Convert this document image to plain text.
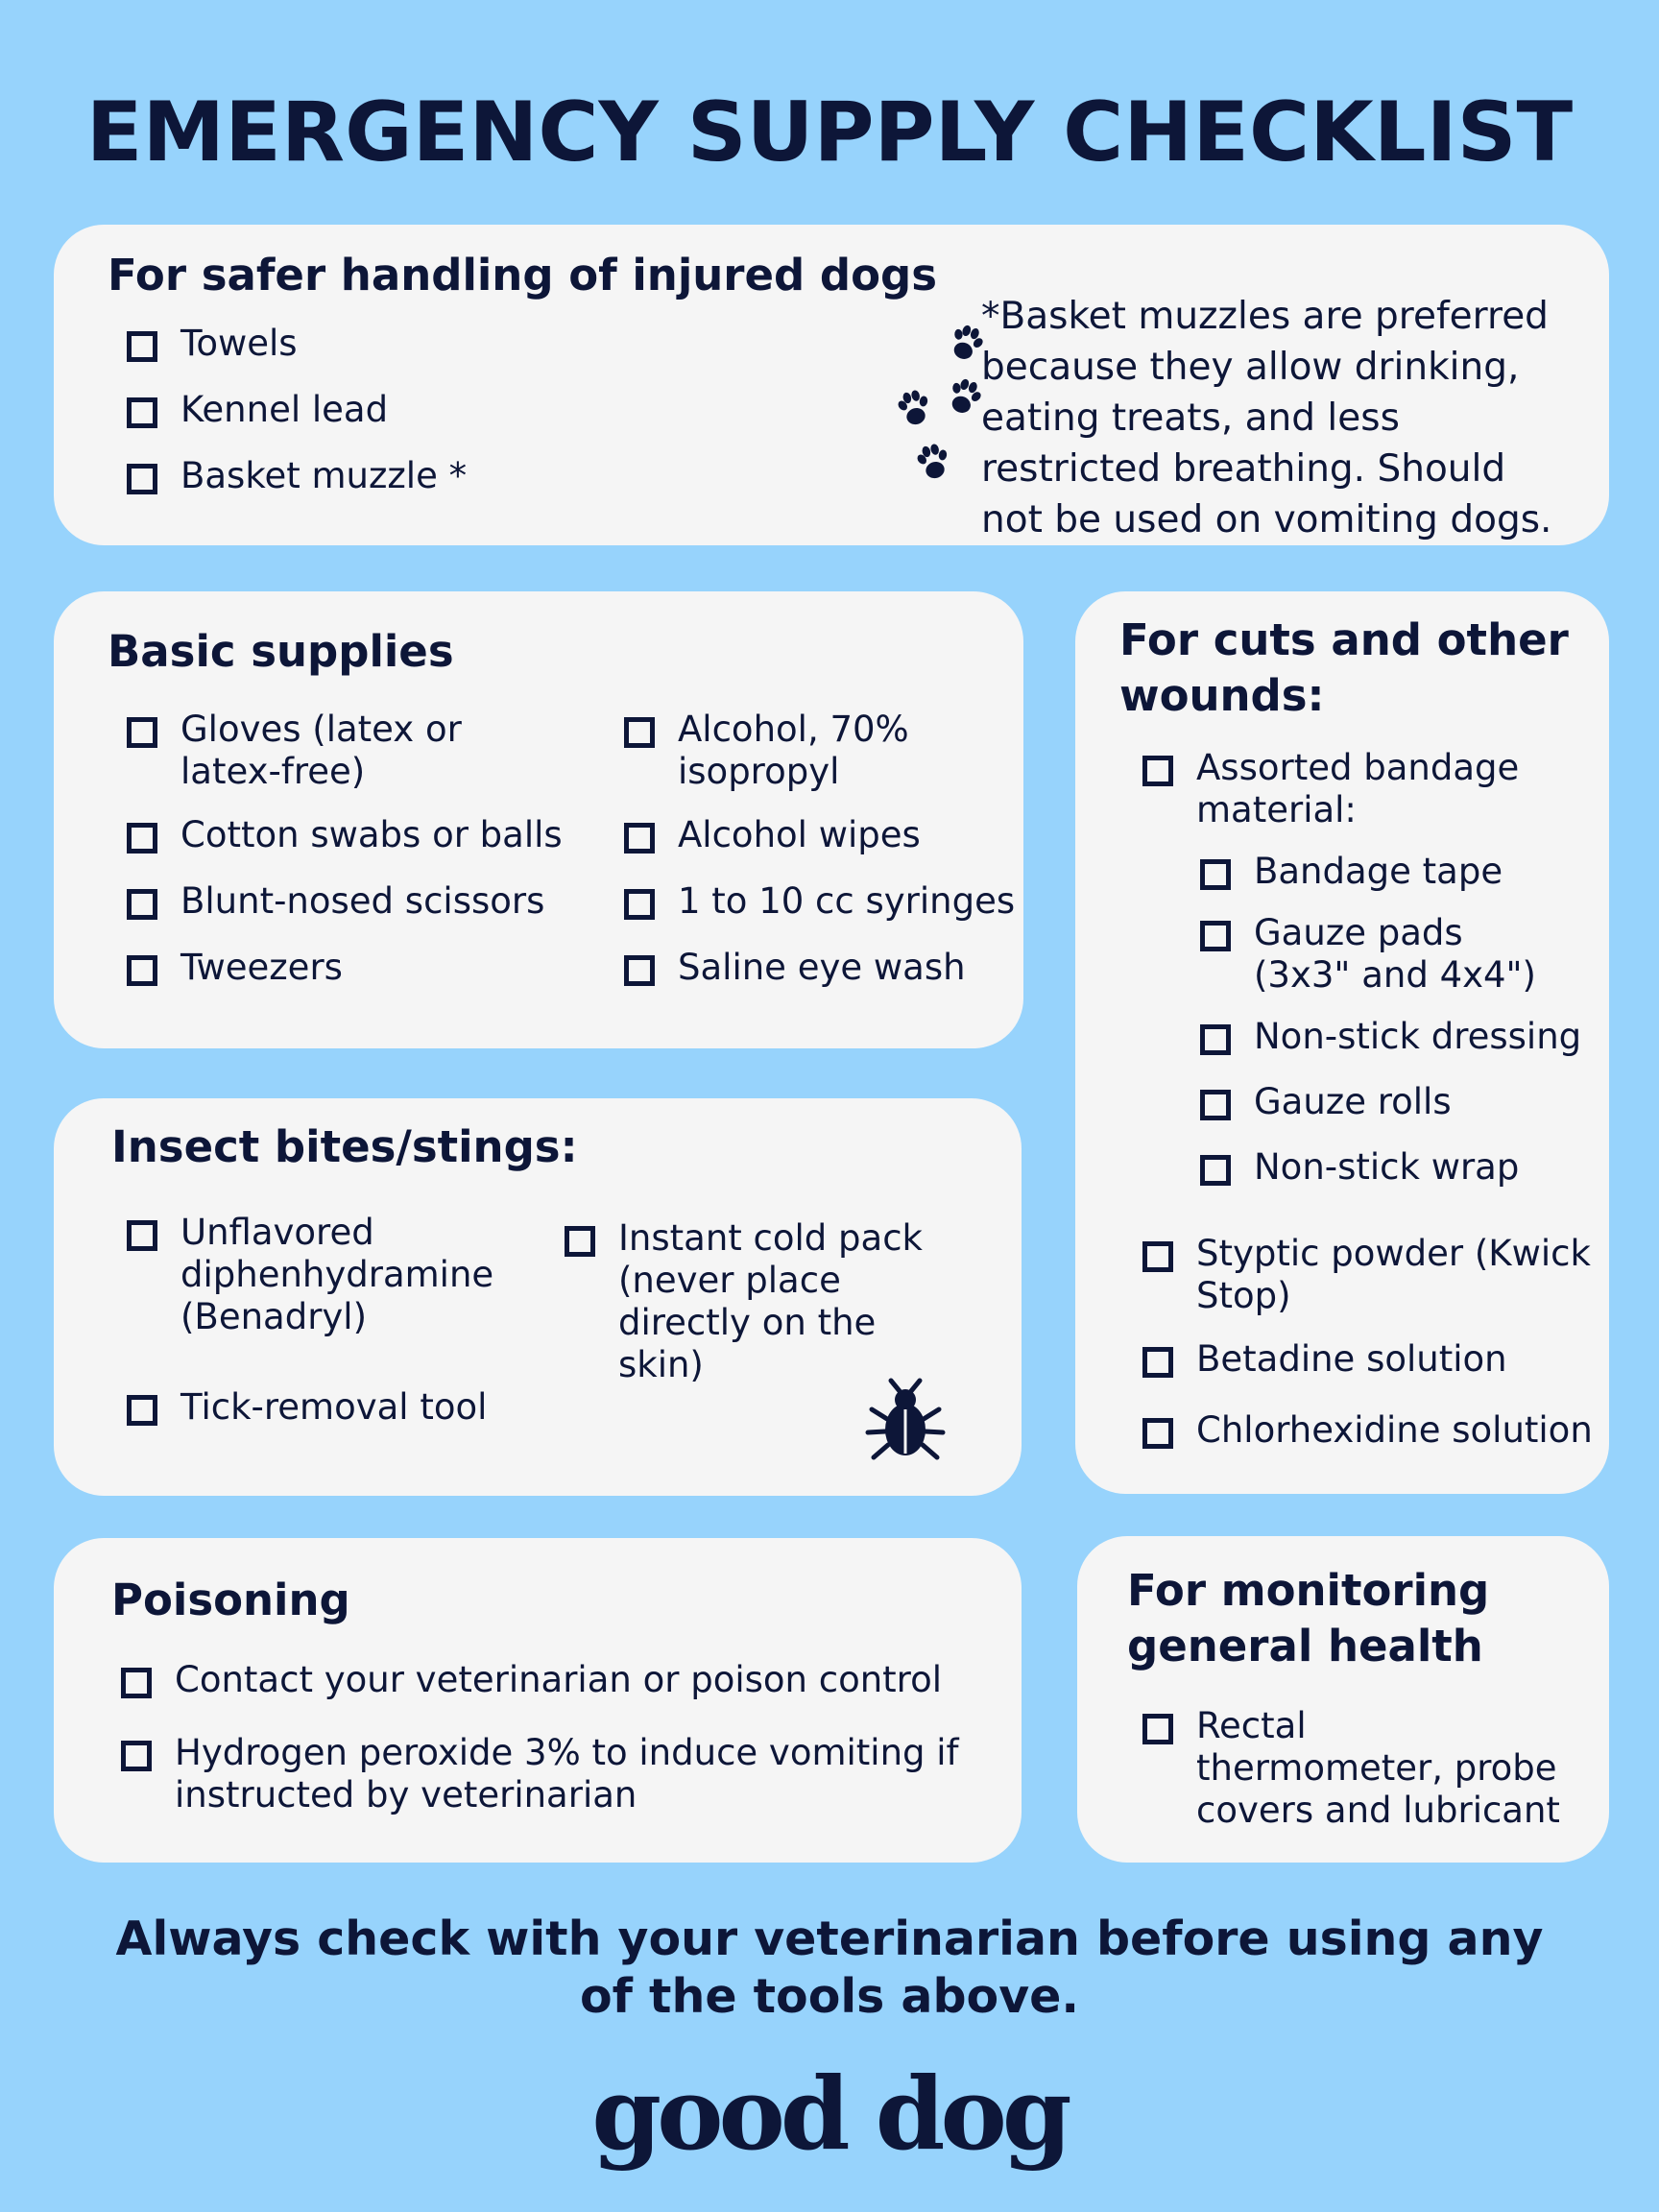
EMERGENCY SUPPLY CHECKLIST
For safer handling of injured dogs
Towels
Kennel lead
Basket muzzle *

*Basket muzzles are preferred because they allow drinking, eating treats, and less restricted breathing. Should not be used on vomiting dogs.

Basic supplies
Gloves (latex or latex-free)
Cotton swabs or balls
Blunt-nosed scissors
Tweezers
Alcohol, 70% isopropyl
Alcohol wipes
1 to 10 cc syringes
Saline eye wash
Insect bites/stings:
Unflavored diphenhydramine (Benadryl)
Tick-removal tool
Instant cold pack (never place directly on the skin)
Poisoning
Contact your veterinarian or poison control
Hydrogen peroxide 3% to induce vomiting if instructed by veterinarian
For cuts and other wounds:
Assorted bandage material:
Bandage tape
Gauze pads (3x3" and 4x4")
Non-stick dressing
Gauze rolls
Non-stick wrap
Styptic powder (Kwick Stop)
Betadine solution
Chlorhexidine solution
For monitoring general health
Rectal thermometer, probe covers and lubricant

Always check with your veterinarian before using any of the tools above.

good dog
